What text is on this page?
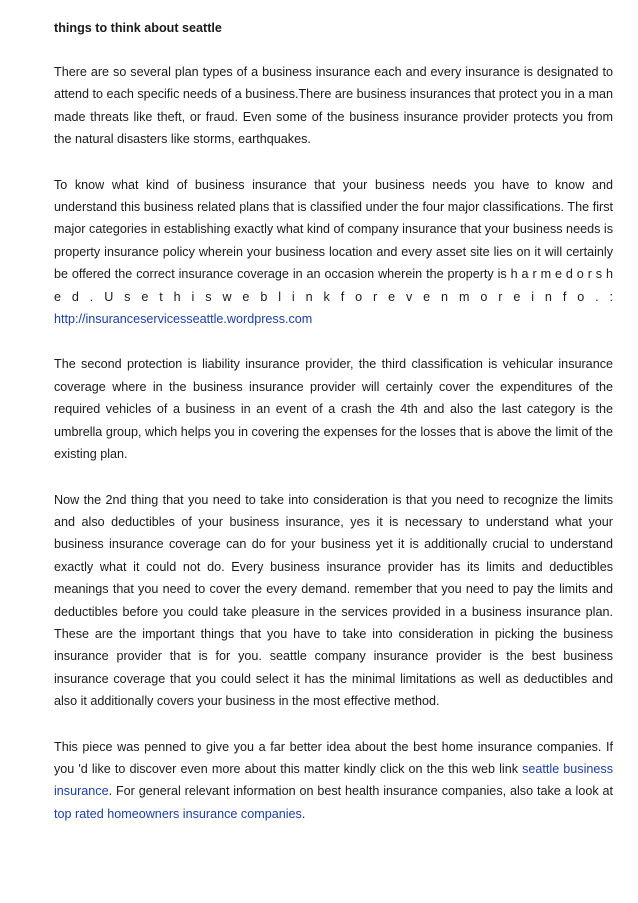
things to think about seattle

There are so several plan types of a business insurance each and every insurance is designated to attend to each specific needs of a business.There are business insurances that protect you in a man made threats like theft, or fraud. Even some of the business insurance provider protects you from the natural disasters like storms, earthquakes.

To know what kind of business insurance that your business needs you have to know and understand this business related plans that is classified under the four major classifications. The first major categories in establishing exactly what kind of company insurance that your business needs is property insurance policy wherein your business location and every asset site lies on it will certainly be offered the correct insurance coverage in an occasion wherein the property is h a r m e d o r s h e d . U s e t h i s w e b l i n k f o r e v e n m o r e i n f o . : http://insuranceservicesseattle.wordpress.com

The second protection is liability insurance provider, the third classification is vehicular insurance coverage where in the business insurance provider will certainly cover the expenditures of the required vehicles of a business in an event of a crash the 4th and also the last category is the umbrella group, which helps you in covering the expenses for the losses that is above the limit of the existing plan.

Now the 2nd thing that you need to take into consideration is that you need to recognize the limits and also deductibles of your business insurance, yes it is necessary to understand what your business insurance coverage can do for your business yet it is additionally crucial to understand exactly what it could not do. Every business insurance provider has its limits and deductibles meanings that you need to cover the every demand. remember that you need to pay the limits and deductibles before you could take pleasure in the services provided in a business insurance plan. These are the important things that you have to take into consideration in picking the business insurance provider that is for you. seattle company insurance provider is the best business insurance coverage that you could select it has the minimal limitations as well as deductibles and also it additionally covers your business in the most effective method.

This piece was penned to give you a far better idea about the best home insurance companies. If you 'd like to discover even more about this matter kindly click on the this web link seattle business insurance. For general relevant information on best health insurance companies, also take a look at top rated homeowners insurance companies.
